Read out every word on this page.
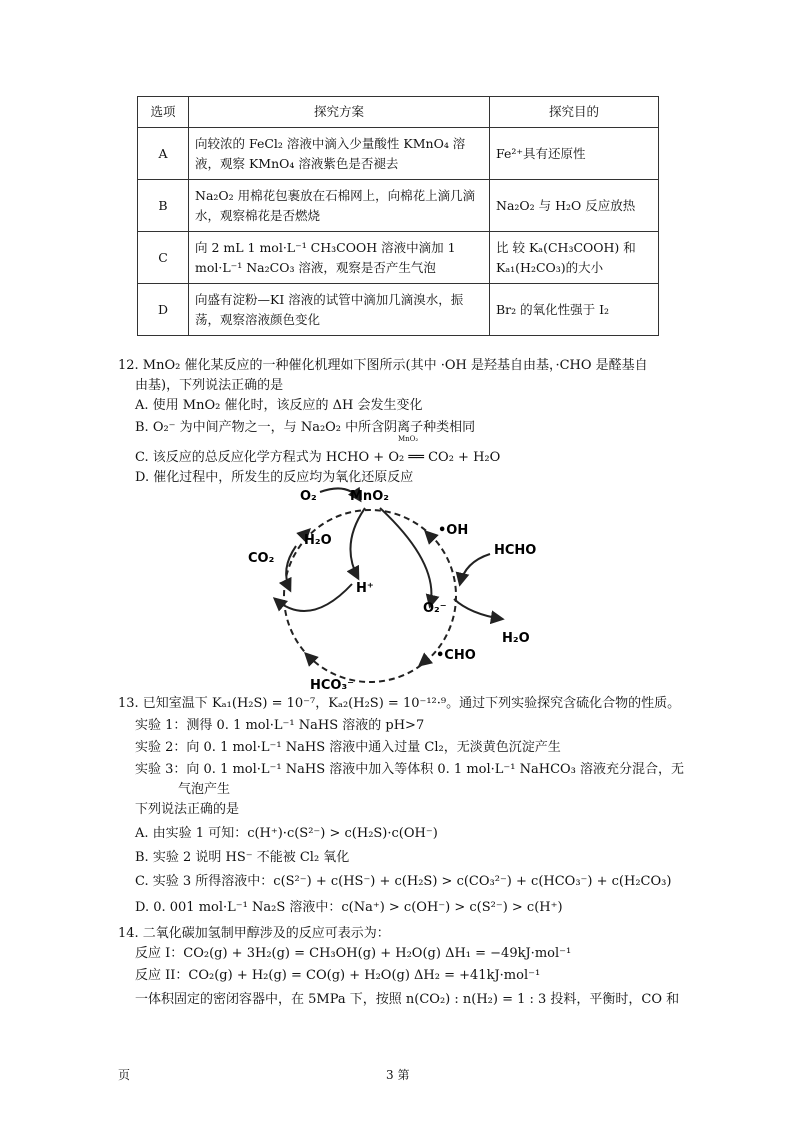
选项	探究方案	探究目的
A	向较浓的 FeCl₂ 溶液中滴入少量酸性 KMnO₄ 溶液，观察 KMnO₄ 溶液紫色是否褪去	Fe²⁺具有还原性
B	Na₂O₂ 用棉花包裹放在石棉网上，向棉花上滴几滴水，观察棉花是否燃烧	Na₂O₂ 与 H₂O 反应放热
C	向 2 mL 1 mol·L⁻¹ CH₃COOH 溶液中滴加 1 mol·L⁻¹ Na₂CO₃ 溶液，观察是否产生气泡	比 较 Kₐ(CH₃COOH) 和 Kₐ₁(H₂CO₃)的大小
D	向盛有淀粉—KI 溶液的试管中滴加几滴溴水，振荡，观察溶液颜色变化	Br₂ 的氧化性强于 I₂
12. MnO₂ 催化某反应的一种催化机理如下图所示(其中 ·OH 是羟基自由基，·CHO 是醛基自
由基)，下列说法正确的是
A. 使用 MnO₂ 催化时，该反应的 ΔH 会发生变化
B. O₂⁻ 为中间产物之一，与 Na₂O₂ 中所含阴离子种类相同
C. 该反应的总反应化学方程式为 HCHO + O₂ ══ CO₂ + H₂O
MnO₂
D. 催化过程中，所发生的反应均为氧化还原反应
O₂	MnO₂
•OH
HCHO
H₂O
CO₂
H⁺
O₂⁻
H₂O
•CHO
HCO₃⁻
13. 已知室温下 Kₐ₁(H₂S) = 10⁻⁷，Kₐ₂(H₂S) = 10⁻¹²·⁹。通过下列实验探究含硫化合物的性质。
实验 1：测得 0. 1 mol·L⁻¹ NaHS 溶液的 pH>7
实验 2：向 0. 1 mol·L⁻¹ NaHS 溶液中通入过量 Cl₂，无淡黄色沉淀产生
实验 3：向 0. 1 mol·L⁻¹ NaHS 溶液中加入等体积 0. 1 mol·L⁻¹ NaHCO₃ 溶液充分混合，无
气泡产生
下列说法正确的是
A. 由实验 1 可知：c(H⁺)·c(S²⁻) > c(H₂S)·c(OH⁻)
B. 实验 2 说明 HS⁻ 不能被 Cl₂ 氧化
C. 实验 3 所得溶液中：c(S²⁻) + c(HS⁻) + c(H₂S) > c(CO₃²⁻) + c(HCO₃⁻) + c(H₂CO₃)
D. 0. 001 mol·L⁻¹ Na₂S 溶液中：c(Na⁺) > c(OH⁻) > c(S²⁻) > c(H⁺)
14. 二氧化碳加氢制甲醇涉及的反应可表示为：
反应 I：CO₂(g) + 3H₂(g) = CH₃OH(g) + H₂O(g) ΔH₁ = −49kJ·mol⁻¹
反应 II：CO₂(g) + H₂(g) = CO(g) + H₂O(g) ΔH₂ = +41kJ·mol⁻¹
一体积固定的密闭容器中，在 5MPa 下，按照 n(CO₂) : n(H₂) = 1 : 3 投料，平衡时，CO 和
页	3 第
